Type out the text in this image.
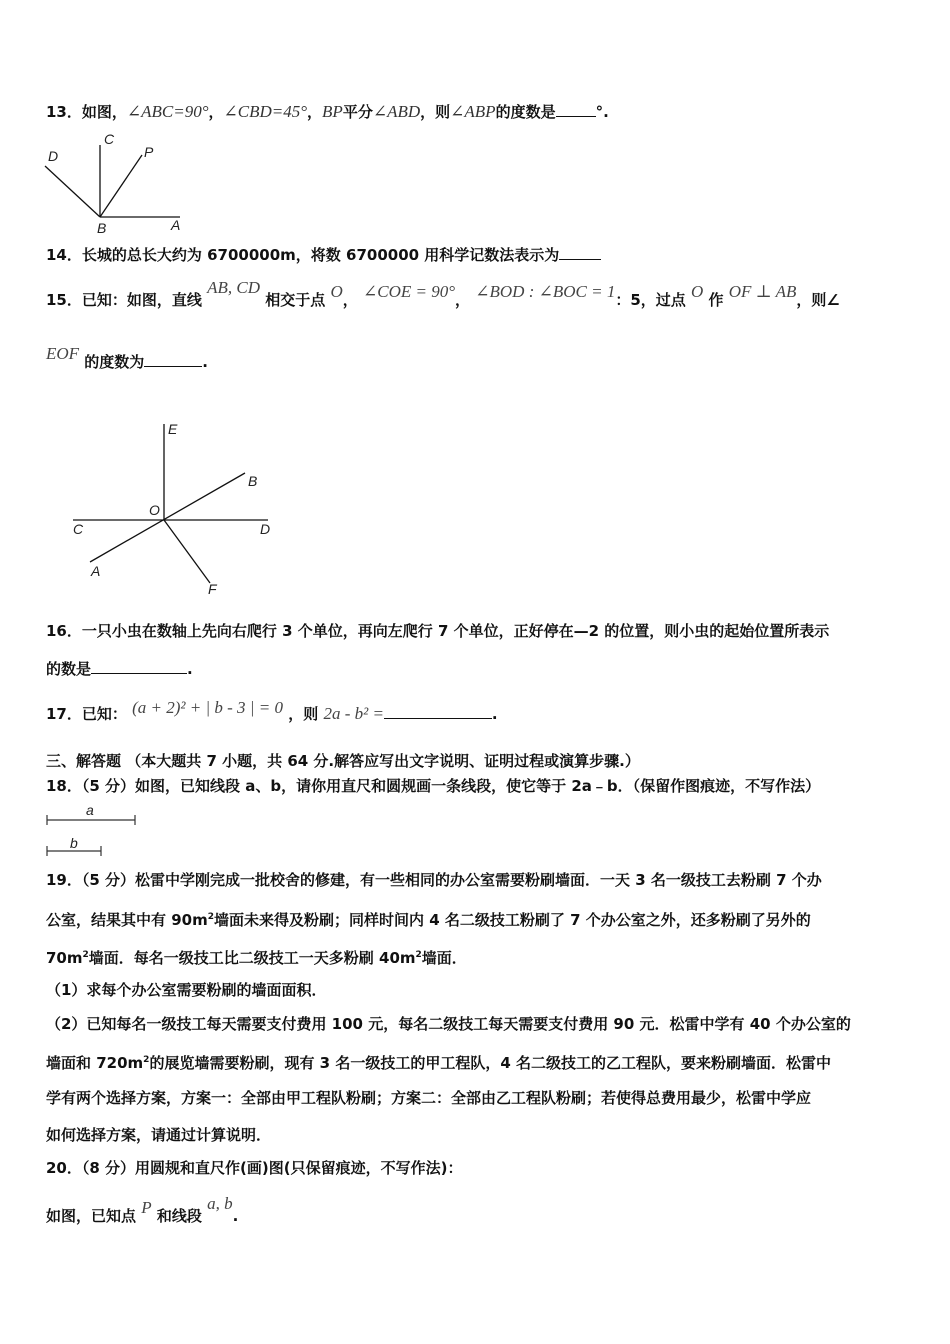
13．如图，∠ABC=90°，∠CBD=45°，BP平分∠ABD，则∠ABP的度数是	°.
D
C
P
B	A
14．长城的总长大约为 6700000m，将数 6700000 用科学记数法表示为
15．已知：如图，直线 AB, CD 相交于点 O， ∠COE = 90°， ∠BOD : ∠BOC = 1：5，过点 O 作 OF ⊥ AB，则∠
EOF 的度数为	.
E
B
O
C	D
A
F
16．一只小虫在数轴上先向右爬行 3 个单位，再向左爬行 7 个单位，正好停在—2 的位置，则小虫的起始位置所表示
的数是	.
17．已知： (a + 2)² + | b - 3 | = 0 ，则 2a - b² =	.
三、解答题 （本大题共 7 小题，共 64 分.解答应写出文字说明、证明过程或演算步骤.）
18．（5 分）如图，已知线段 a、b，请你用直尺和圆规画一条线段，使它等于 2a﹣b．（保留作图痕迹，不写作法）
a
b
19．（5 分）松雷中学刚完成一批校舍的修建，有一些相同的办公室需要粉刷墙面．一天 3 名一级技工去粉刷 7 个办
公室，结果其中有 $90m^2$墙面未来得及粉刷；同样时间内 4 名二级技工粉刷了 7 个办公室之外，还多粉刷了另外的
$70m^2$墙面．每名一级技工比二级技工一天多粉刷 $40m^2$墙面．
（1）求每个办公室需要粉刷的墙面面积．
（2）已知每名一级技工每天需要支付费用 100 元，每名二级技工每天需要支付费用 90 元．松雷中学有 40 个办公室的
墙面和 $720m^2$的展览墙需要粉刷，现有 3 名一级技工的甲工程队，4 名二级技工的乙工程队，要来粉刷墙面．松雷中
学有两个选择方案，方案一：全部由甲工程队粉刷；方案二：全部由乙工程队粉刷；若使得总费用最少，松雷中学应
如何选择方案，请通过计算说明．
20．（8 分）用圆规和直尺作(画)图(只保留痕迹，不写作法)：
如图，已知点 P 和线段 a, b.
